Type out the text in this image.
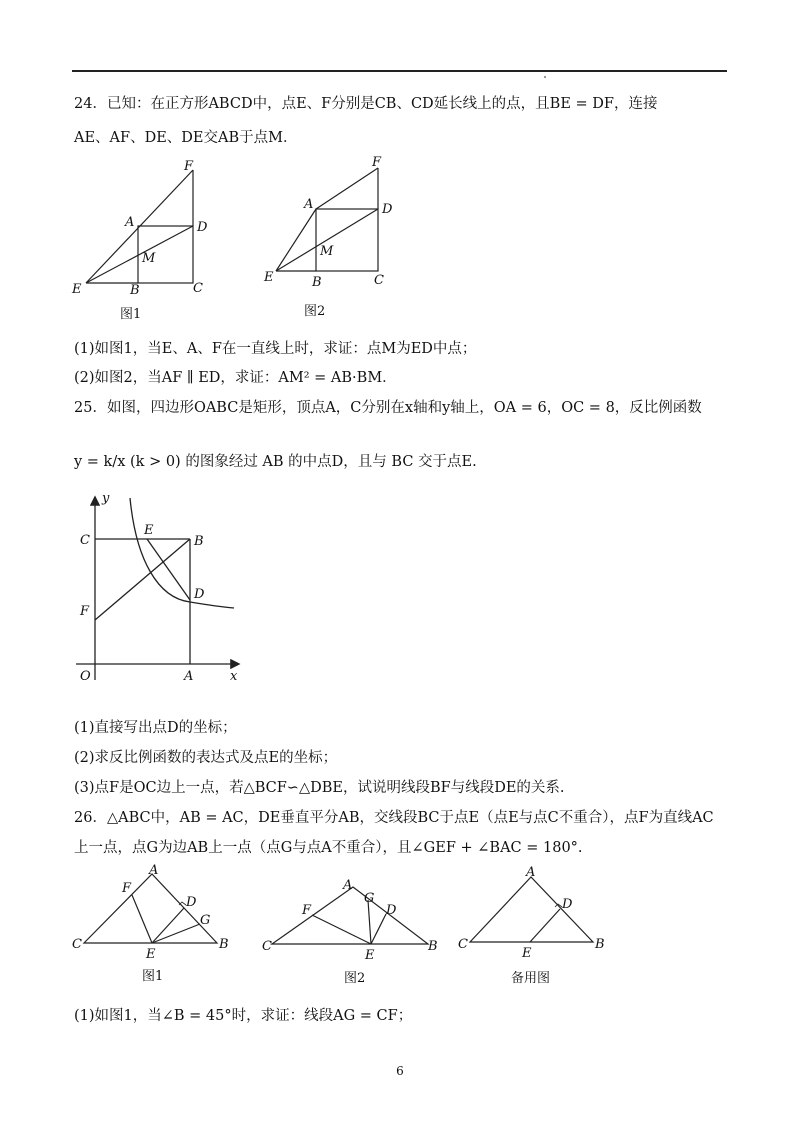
24．已知：在正方形ABCD中，点E、F分别是CB、CD延长线上的点，且BE = DF，连接
AE、AF、DE、DE交AB于点M．
F
A	D
M
E	B	C
图1
F
A	D
M
E	B	C
图2
(1)如图1，当E、A、F在一直线上时，求证：点M为ED中点；
(2)如图2，当AF ∥ ED，求证：AM² = AB·BM．
25．如图，四边形OABC是矩形，顶点A，C分别在x轴和y轴上，OA = 6，OC = 8，反比例函数
y = k/x (k > 0) 的图象经过 AB 的中点D，且与 BC 交于点E.
y
C
E
B
D
F
O	A	x
(1)直接写出点D的坐标；
(2)求反比例函数的表达式及点E的坐标；
(3)点F是OC边上一点，若△BCF∽△DBE，试说明线段BF与线段DE的关系.
26．△ABC中，AB = AC，DE垂直平分AB，交线段BC于点E（点E与点C不重合），点F为直线AC
上一点，点G为边AB上一点（点G与点A不重合），且∠GEF + ∠BAC = 180°.
A
F
D
G
C
E
B
图1
A
G
D
F
C
E
B
图2
A
D
C
E
B
备用图
(1)如图1，当∠B = 45°时，求证：线段AG = CF；
6
